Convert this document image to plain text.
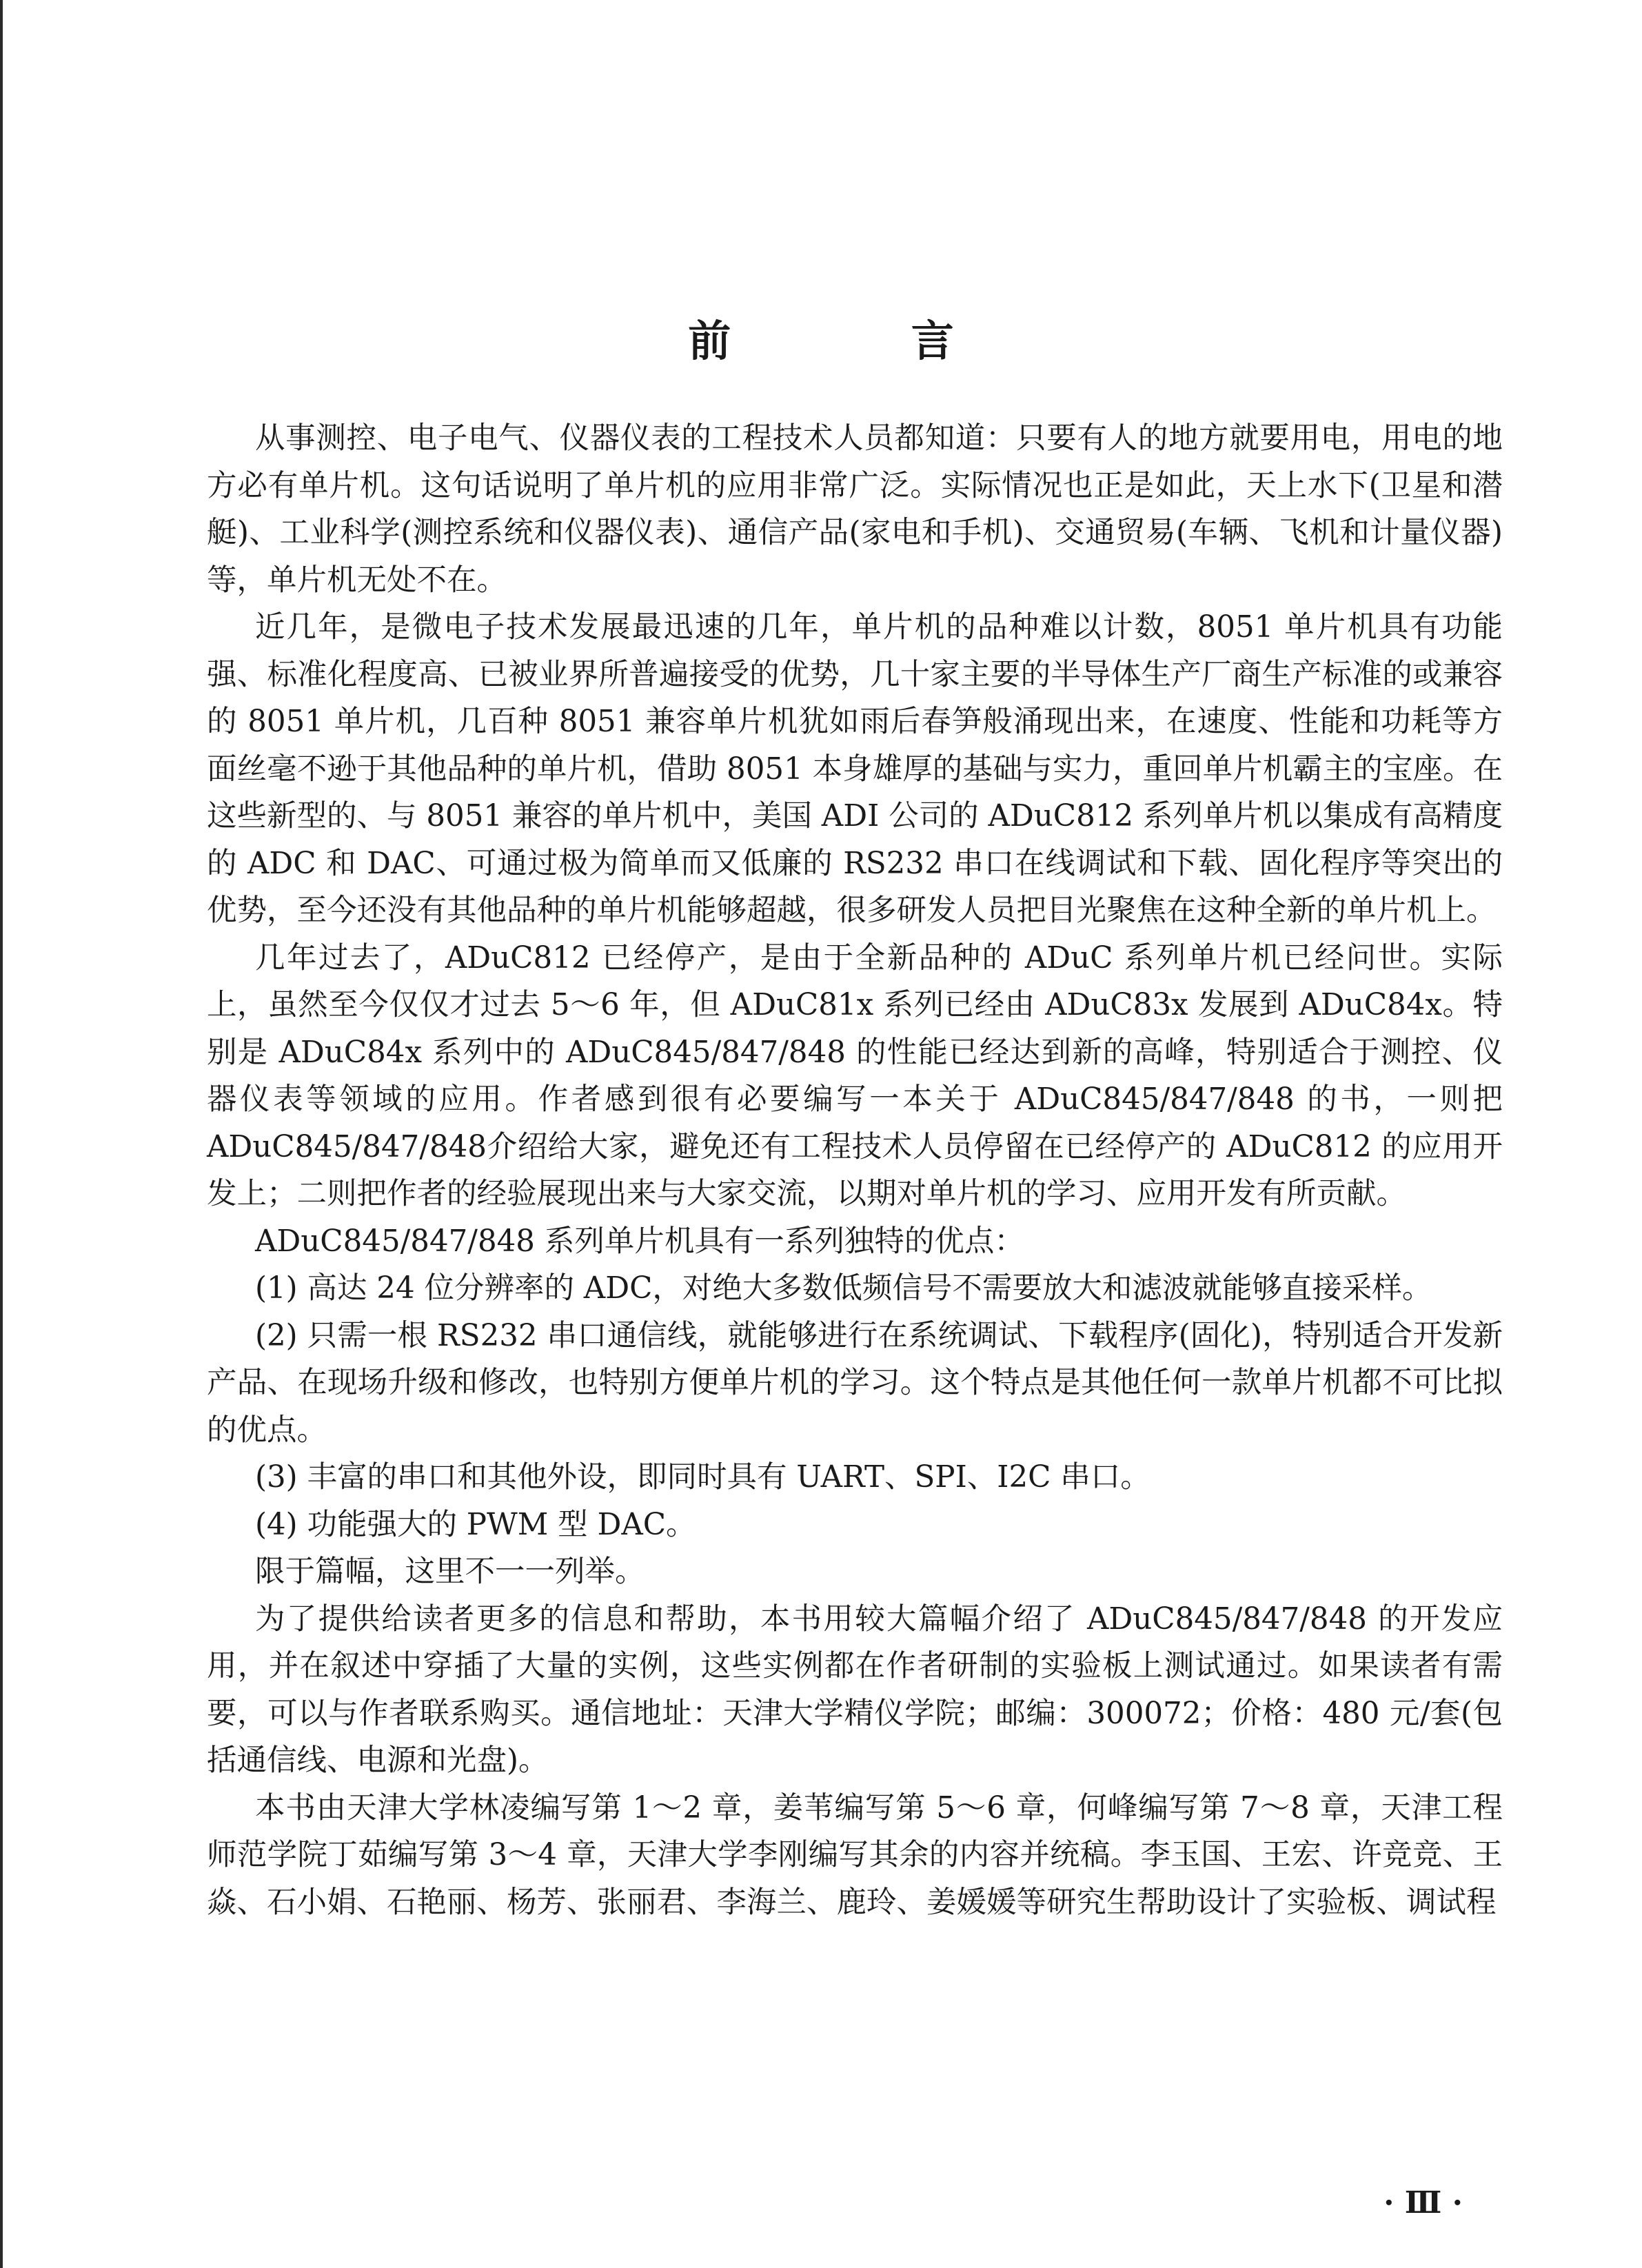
前 言

从事测控、电子电气、仪器仪表的工程技术人员都知道：只要有人的地方就要用电，用电的地方必有单片机。这句话说明了单片机的应用非常广泛。实际情况也正是如此，天上水下(卫星和潜艇)、工业科学(测控系统和仪器仪表)、通信产品(家电和手机)、交通贸易(车辆、飞机和计量仪器)等，单片机无处不在。

近几年，是微电子技术发展最迅速的几年，单片机的品种难以计数，8051 单片机具有功能强、标准化程度高、已被业界所普遍接受的优势，几十家主要的半导体生产厂商生产标准的或兼容的 8051 单片机，几百种 8051 兼容单片机犹如雨后春笋般涌现出来，在速度、性能和功耗等方面丝毫不逊于其他品种的单片机，借助 8051 本身雄厚的基础与实力，重回单片机霸主的宝座。在这些新型的、与 8051 兼容的单片机中，美国 ADI 公司的 ADuC812 系列单片机以集成有高精度的 ADC 和 DAC、可通过极为简单而又低廉的 RS232 串口在线调试和下载、固化程序等突出的优势，至今还没有其他品种的单片机能够超越，很多研发人员把目光聚焦在这种全新的单片机上。

几年过去了，ADuC812 已经停产，是由于全新品种的 ADuC 系列单片机已经问世。实际上，虽然至今仅仅才过去 5～6 年，但 ADuC81x 系列已经由 ADuC83x 发展到 ADuC84x。特别是 ADuC84x 系列中的 ADuC845/847/848 的性能已经达到新的高峰，特别适合于测控、仪器仪表等领域的应用。作者感到很有必要编写一本关于 ADuC845/847/848 的书，一则把 ADuC845/847/848介绍给大家，避免还有工程技术人员停留在已经停产的 ADuC812 的应用开发上；二则把作者的经验展现出来与大家交流，以期对单片机的学习、应用开发有所贡献。

ADuC845/847/848 系列单片机具有一系列独特的优点：

(1) 高达 24 位分辨率的 ADC，对绝大多数低频信号不需要放大和滤波就能够直接采样。

(2) 只需一根 RS232 串口通信线，就能够进行在系统调试、下载程序(固化)，特别适合开发新产品、在现场升级和修改，也特别方便单片机的学习。这个特点是其他任何一款单片机都不可比拟的优点。

(3) 丰富的串口和其他外设，即同时具有 UART、SPI、I2C 串口。

(4) 功能强大的 PWM 型 DAC。

限于篇幅，这里不一一列举。

为了提供给读者更多的信息和帮助，本书用较大篇幅介绍了 ADuC845/847/848 的开发应用，并在叙述中穿插了大量的实例，这些实例都在作者研制的实验板上测试通过。如果读者有需要，可以与作者联系购买。通信地址：天津大学精仪学院；邮编：300072；价格：480 元/套(包括通信线、电源和光盘)。

本书由天津大学林凌编写第 1～2 章，姜苇编写第 5～6 章，何峰编写第 7～8 章，天津工程师范学院丁茹编写第 3～4 章，天津大学李刚编写其余的内容并统稿。李玉国、王宏、许竞竞、王焱、石小娟、石艳丽、杨芳、张丽君、李海兰、鹿玲、姜媛媛等研究生帮助设计了实验板、调试程

· Ⅲ ·
